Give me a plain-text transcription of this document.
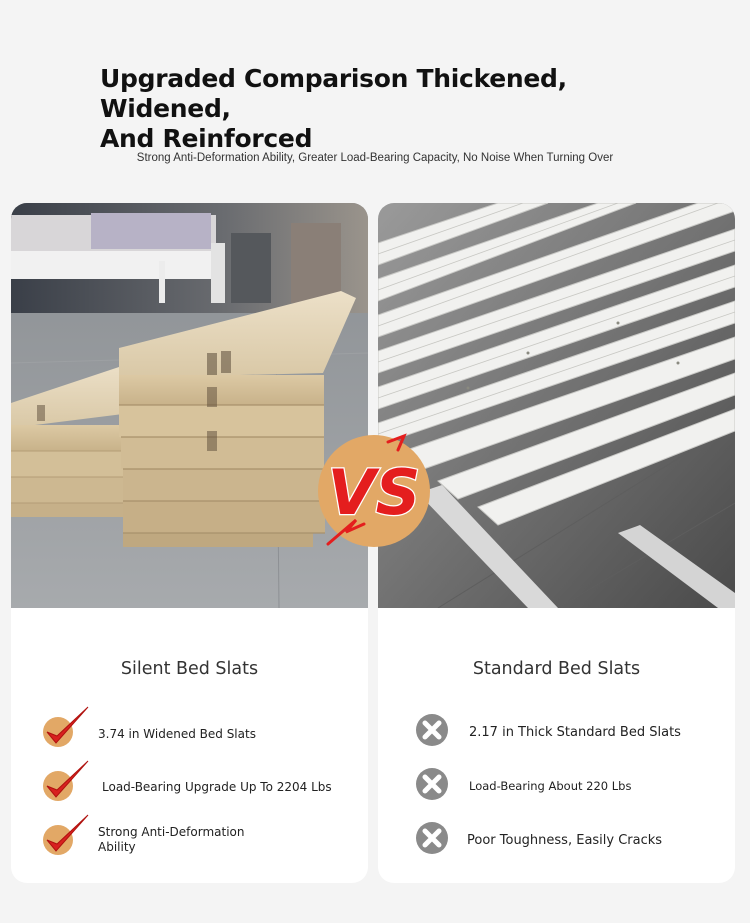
Upgraded Comparison Thickened, Widened,
And Reinforced
Strong Anti-Deformation Ability, Greater Load-Bearing Capacity, No Noise When Turning Over
Silent Bed Slats
3.74 in Widened Bed Slats
Load-Bearing Upgrade Up To 2204 Lbs
Strong Anti-Deformation Ability
Standard Bed Slats
2.17 in Thick Standard Bed Slats
Load-Bearing About 220 Lbs
Poor Toughness, Easily Cracks
VS
